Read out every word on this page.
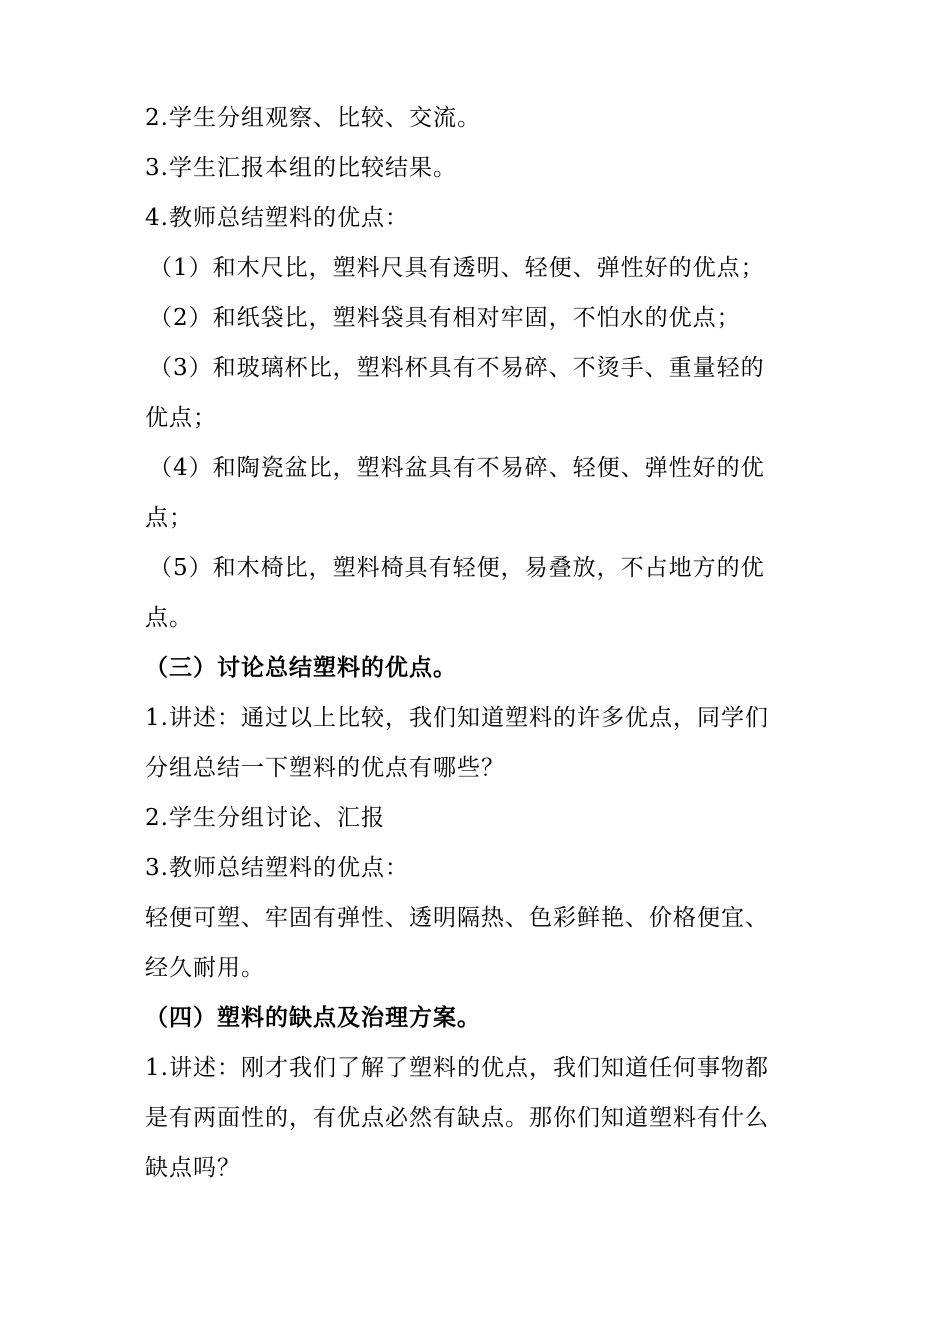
2.学生分组观察、比较、交流。
3.学生汇报本组的比较结果。
4.教师总结塑料的优点：
（1）和木尺比，塑料尺具有透明、轻便、弹性好的优点；
（2）和纸袋比，塑料袋具有相对牢固，不怕水的优点；
（3）和玻璃杯比，塑料杯具有不易碎、不烫手、重量轻的
优点；
（4）和陶瓷盆比，塑料盆具有不易碎、轻便、弹性好的优
点；
（5）和木椅比，塑料椅具有轻便，易叠放，不占地方的优
点。
（三）讨论总结塑料的优点。
1.讲述：通过以上比较，我们知道塑料的许多优点，同学们
分组总结一下塑料的优点有哪些？
2.学生分组讨论、汇报
3.教师总结塑料的优点：
轻便可塑、牢固有弹性、透明隔热、色彩鲜艳、价格便宜、
经久耐用。
（四）塑料的缺点及治理方案。
1.讲述：刚才我们了解了塑料的优点，我们知道任何事物都
是有两面性的，有优点必然有缺点。那你们知道塑料有什么
缺点吗？
